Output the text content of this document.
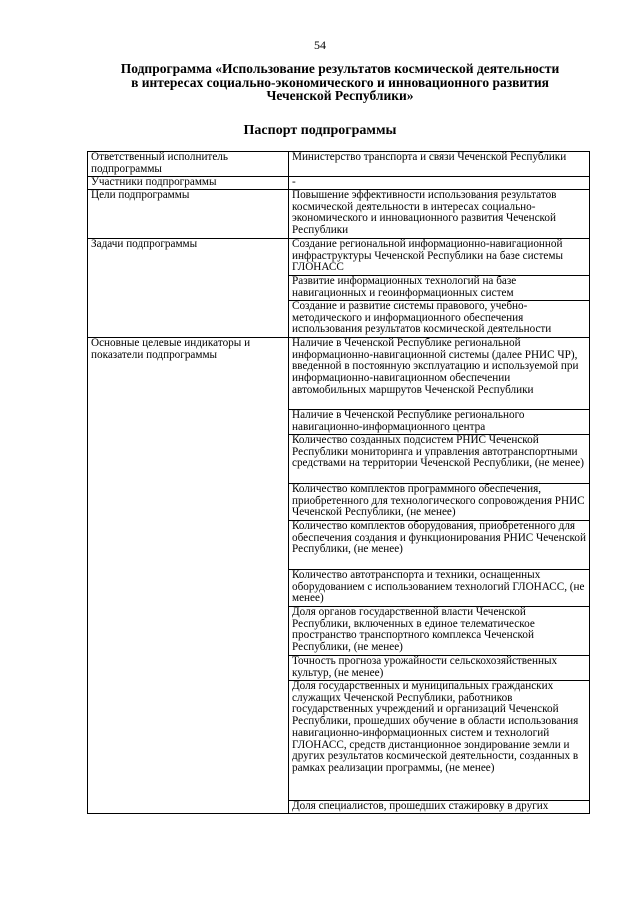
54
Подпрограмма «Использование результатов космической деятельности
в интересах социально-экономического и инновационного развития
Чеченской Республики»
Паспорт подпрограммы
Ответственный исполнитель подпрограммы	Министерство транспорта и связи Чеченской Республики
Участники подпрограммы	-
Цели подпрограммы	Повышение эффективности использования результатов космической деятельности в интересах социально-экономического и инновационного развития Чеченской Республики
Задачи подпрограммы	Создание региональной информационно-навигационной инфраструктуры Чеченской Республики на базе системы ГЛОНАСС
	Развитие информационных технологий на базе навигационных и геоинформационных систем
	Создание и развитие системы правового, учебно-методического и информационного обеспечения использования результатов космической деятельности
Основные целевые индикаторы и показатели подпрограммы	Наличие в Чеченской Республике региональной информационно-навигационной системы (далее РНИС ЧР), введенной в постоянную эксплуатацию и используемой при информационно-навигационном обеспечении автомобильных маршрутов Чеченской Республики
	Наличие в Чеченской Республике регионального навигационно-информационного центра
	Количество созданных подсистем РНИС Чеченской Республики мониторинга и управления автотранспортными средствами на территории Чеченской Республики, (не менее)
	Количество комплектов программного обеспечения, приобретенного для технологического сопровождения РНИС Чеченской Республики, (не менее)
	Количество комплектов оборудования, приобретенного для обеспечения создания и функционирования РНИС Чеченской Республики, (не менее)
	Количество автотранспорта и техники, оснащенных оборудованием с использованием технологий ГЛОНАСС, (не менее)
	Доля органов государственной власти Чеченской Республики, включенных в единое телематическое пространство транспортного комплекса Чеченской Республики, (не менее)
	Точность прогноза урожайности сельскохозяйственных культур, (не менее)
	Доля государственных и муниципальных гражданских служащих Чеченской Республики, работников государственных учреждений и организаций Чеченской Республики, прошедших обучение в области использования навигационно-информационных систем и технологий ГЛОНАСС, средств дистанционное зондирование земли и других результатов космической деятельности, созданных в рамках реализации программы, (не менее)
	Доля специалистов, прошедших стажировку в других
